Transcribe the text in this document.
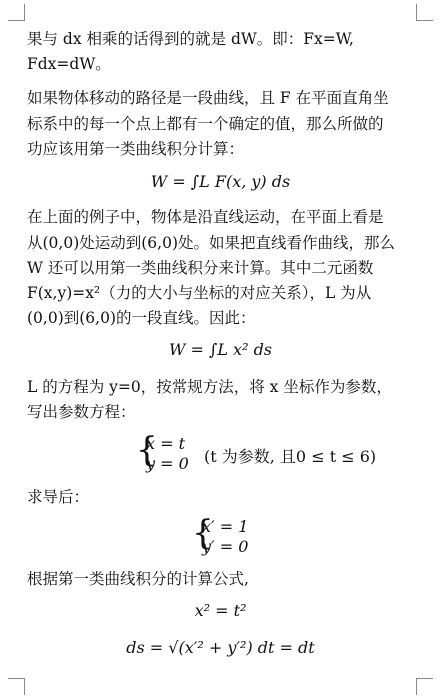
果与 dx 相乘的话得到的就是 dW。即：Fx=W,
Fdx=dW。
如果物体移动的路径是一段曲线，且 F 在平面直角坐
标系中的每一个点上都有一个确定的值，那么所做的
功应该用第一类曲线积分计算：
W = ∫L F(x, y) ds
在上面的例子中，物体是沿直线运动，在平面上看是
从(0,0)处运动到(6,0)处。如果把直线看作曲线，那么
W 还可以用第一类曲线积分来计算。其中二元函数
F(x,y)=x²（力的大小与坐标的对应关系），L 为从
(0,0)到(6,0)的一段直线。因此：
W = ∫L x² ds
L 的方程为 y=0，按常规方法，将 x 坐标作为参数，
写出参数方程：
{
x = t
y = 0 (t 为参数, 且0 ≤ t ≤ 6)
求导后：
{
x′ = 1
y′ = 0
根据第一类曲线积分的计算公式,
x² = t²
ds = √(x′² + y′²) dt = dt
